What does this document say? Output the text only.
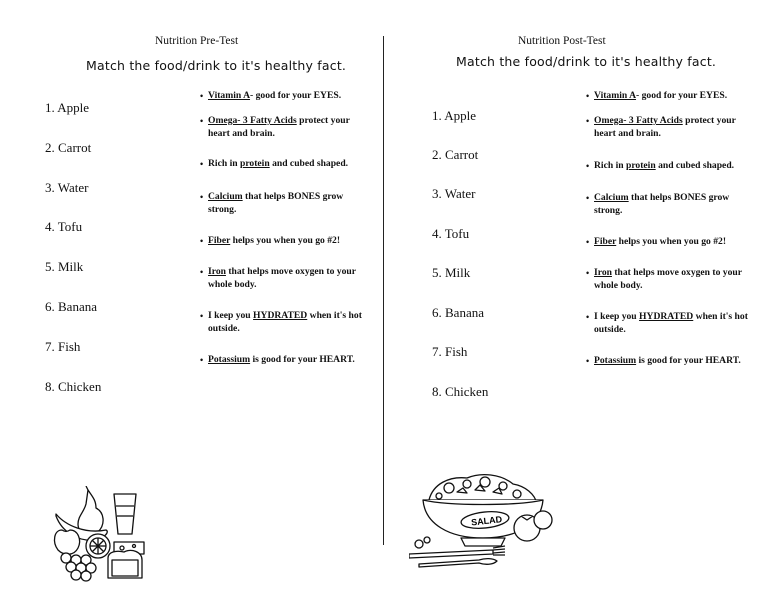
Nutrition Pre-Test
Match the food/drink to it's healthy fact.
1. Apple
2. Carrot
3. Water
4. Tofu
5. Milk
6. Banana
7. Fish
8. Chicken
• Vitamin A- good for your EYES.
• Omega- 3 Fatty Acids protect your heart and brain.
• Rich in protein and cubed shaped.
• Calcium that helps BONES grow strong.
• Fiber helps you when you go #2!
• Iron that helps move oxygen to your whole body.
• I keep you HYDRATED when it's hot outside.
• Potassium is good for your HEART.
Nutrition Post-Test
Match the food/drink to it's healthy fact.
1. Apple
2. Carrot
3. Water
4. Tofu
5. Milk
6. Banana
7. Fish
8. Chicken
• Vitamin A- good for your EYES.
• Omega- 3 Fatty Acids protect your heart and brain.
• Rich in protein and cubed shaped.
• Calcium that helps BONES grow strong.
• Fiber helps you when you go #2!
• Iron that helps move oxygen to your whole body.
• I keep you HYDRATED when it's hot outside.
• Potassium is good for your HEART.
SALAD
